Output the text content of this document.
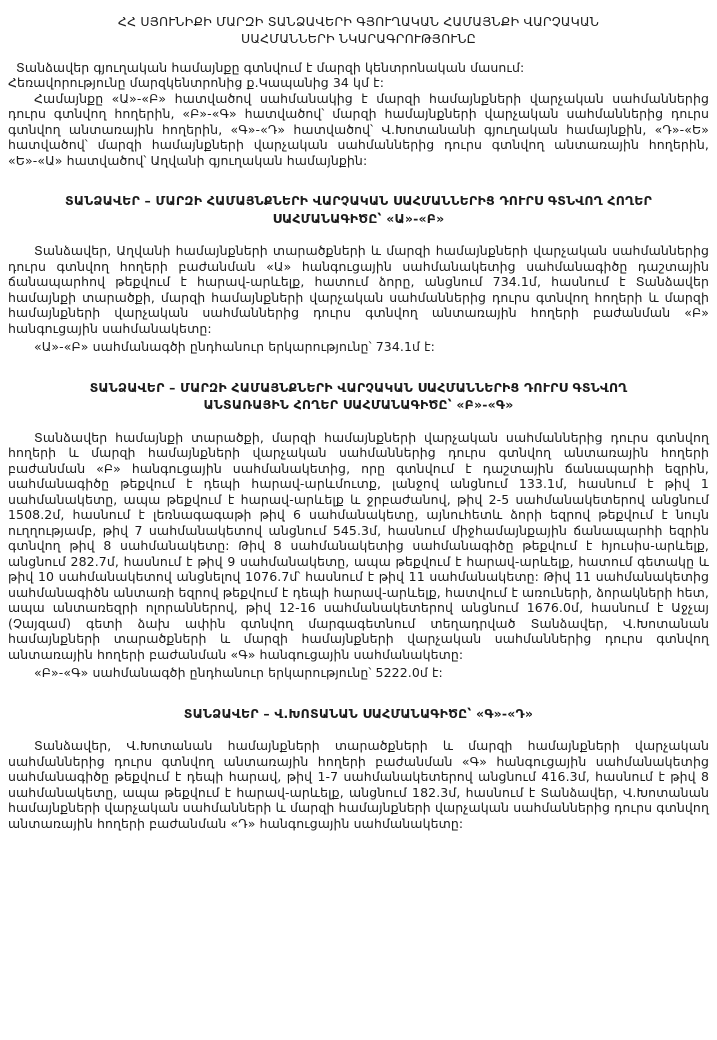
ՀՀ ՍՅՈՒՆԻՔԻ ՄԱՐԶԻ ՏԱՆՁԱՎԵՐԻ ԳՅՈՒՂԱԿԱՆ ՀԱՄԱՅՆՔԻ ՎԱՐՉԱԿԱՆ
ՍԱՀՄԱՆՆԵՐԻ ՆԿԱՐԱԳՐՈՒԹՅՈՒՆԸ

Տանձավեր գյուղական համայնքը գտնվում է մարզի կենտրոնական մասում:

Հեռավորությունը մարզկենտրոնից ք.Կապանից 34 կմ է:

Համայնքը «Ա»-«Բ» հատվածով սահմանակից է մարզի համայնքների վարչական սահմաններից դուրս գտնվող հողերին, «Բ»-«Գ» հատվածով՝ մարզի համայնքների վարչական սահմաններից դուրս գտնվող անտառային հողերին, «Գ»-«Դ» հատվածով՝ Վ.Խոտանանի գյուղական համայնքին, «Դ»-«Ե» հատվածով՝ մարզի համայնքների վարչական սահմաններից դուրս գտնվող անտառային հողերին, «Ե»-«Ա» հատվածով՝ Աղվանի գյուղական համայնքին:

ՏԱՆՁԱՎԵՐ – ՄԱՐԶԻ ՀԱՄԱՅՆՔՆԵՐԻ ՎԱՐՉԱԿԱՆ ՍԱՀՄԱՆՆԵՐԻՑ ԴՈՒՐՍ ԳՏՆՎՈՂ ՀՈՂԵՐ
ՍԱՀՄԱՆԱԳԻԾԸ՝ «Ա»-«Բ»

Տանձավեր, Աղվանի համայնքների տարածքների և մարզի համայնքների վարչական սահմաններից դուրս գտնվող հողերի բաժանման «Ա» հանգուցային սահմանակետից սահմանագիծը դաշտային ճանապարհով թեքվում է հարավ-արևելք, հատում ձորը, անցնում 734.1մ, հասնում է Տանձավեր համայնքի տարածքի, մարզի համայնքների վարչական սահմաններից դուրս գտնվող հողերի և մարզի համայնքների վարչական սահմաններից դուրս գտնվող անտառային հողերի բաժանման «Բ» հանգուցային սահմանակետը:

«Ա»-«Բ» սահմանագծի ընդհանուր երկարությունը՝ 734.1մ է:

ՏԱՆՁԱՎԵՐ – ՄԱՐԶԻ ՀԱՄԱՅՆՔՆԵՐԻ ՎԱՐՉԱԿԱՆ ՍԱՀՄԱՆՆԵՐԻՑ ԴՈՒՐՍ ԳՏՆՎՈՂ
ԱՆՏԱՌԱՅԻՆ ՀՈՂԵՐ ՍԱՀՄԱՆԱԳԻԾԸ՝ «Բ»-«Գ»

Տանձավեր համայնքի տարածքի, մարզի համայնքների վարչական սահմաններից դուրս գտնվող հողերի և մարզի համայնքների վարչական սահմաններից դուրս գտնվող անտառային հողերի բաժանման «Բ» հանգուցային սահմանակետից, որը գտնվում է դաշտային ճանապարհի եզրին, սահմանագիծը թեքվում է դեպի հարավ-արևմուտք, լանջով անցնում 133.1մ, հասնում է թիվ 1 սահմանակետը, ապա թեքվում է հարավ-արևելք և ջրբաժանով, թիվ 2-5 սահմանակետերով անցնում 1508.2մ, հասնում է լեռնագագաթի թիվ 6 սահմանակետը, այնուհետև ձորի եզրով թեքվում է նույն ուղղությամբ, թիվ 7 սահմանակետով անցնում 545.3մ, հասնում միջհամայնքային ճանապարհի եզրին գտնվող թիվ 8 սահմանակետը: Թիվ 8 սահմանակետից սահմանագիծը թեքվում է հյուսիս-արևելք, անցնում 282.7մ, հասնում է թիվ 9 սահմանակետը, ապա թեքվում է հարավ-արևելք, հատում գետակը և թիվ 10 սահմանակետով անցնելով 1076.7մ՝ հասնում է թիվ 11 սահմանակետը: Թիվ 11 սահմանակետից սահմանագիծն անտառի եզրով թեքվում է դեպի հարավ-արևելք, հատվում է առուների, ձորակների հետ, ապա անտառեզրի ոլորաններով, թիվ 12-16 սահմանակետերով անցնում 1676.0մ, հասնում է Աջչայ (Չայզամ) գետի ձախ ափին գտնվող մարգագետնում տեղադրված Տանձավեր, Վ.Խոտանան համայնքների տարածքների և մարզի համայնքների վարչական սահմաններից դուրս գտնվող անտառային հողերի բաժանման «Գ» հանգուցային սահմանակետը:

«Բ»-«Գ» սահմանագծի ընդհանուր երկարությունը՝ 5222.0մ է:

ՏԱՆՁԱՎԵՐ – Վ.ԽՈՏԱՆԱՆ ՍԱՀՄԱՆԱԳԻԾԸ՝ «Գ»-«Դ»

Տանձավեր, Վ.Խոտանան համայնքների տարածքների և մարզի համայնքների վարչական սահմաններից դուրս գտնվող անտառային հողերի բաժանման «Գ» հանգուցային սահմանակետից սահմանագիծը թեքվում է դեպի հարավ, թիվ 1-7 սահմանակետերով անցնում 416.3մ, հասնում է թիվ 8 սահմանակետը, ապա թեքվում է հարավ-արևելք, անցնում 182.3մ, հասնում է Տանձավեր, Վ.Խոտանան համայնքների վարչական սահմանների և մարզի համայնքների վարչական սահմաններից դուրս գտնվող անտառային հողերի բաժանման «Դ» հանգուցային սահմանակետը:
